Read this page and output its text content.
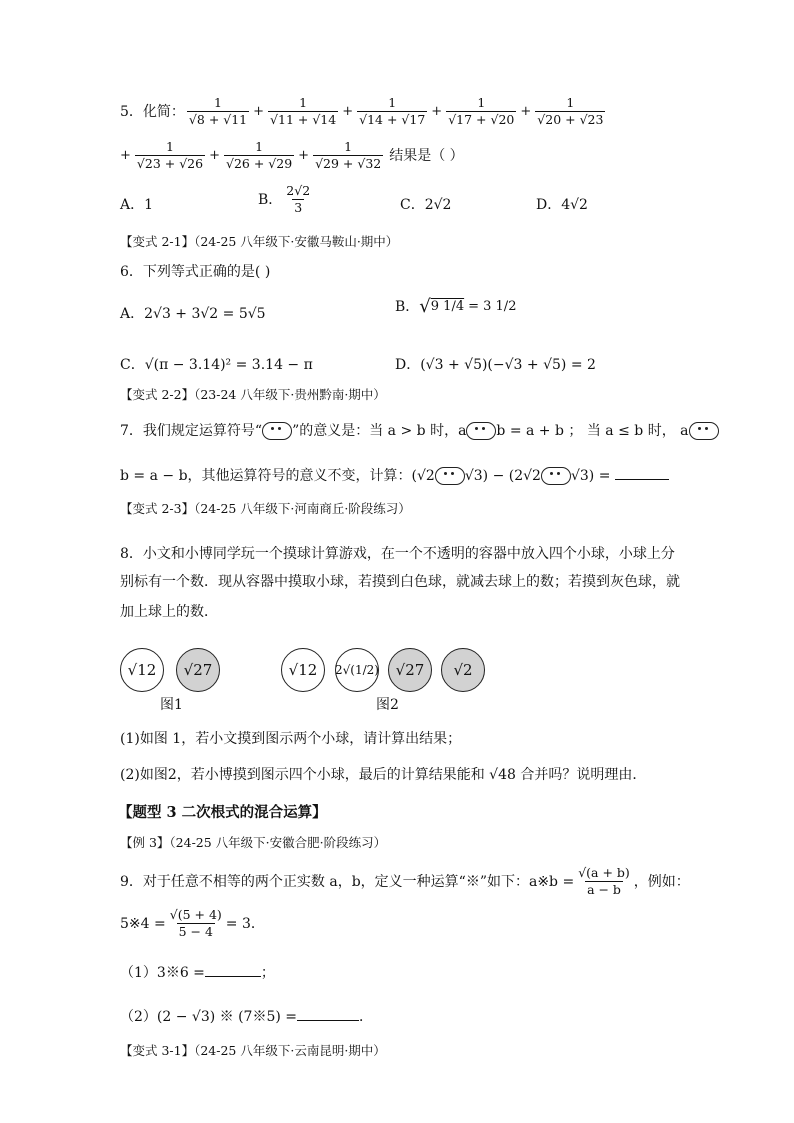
5．化简： $\frac{1}{√8 + √11} + \frac{1}{√11 + √14} + \frac{1}{√14 + √17} + \frac{1}{√17 + √20} + \frac{1}{√20 + √23}$
+ $\frac{1}{√23 + √26} + \frac{1}{√26 + √29} + \frac{1}{√29 + √32}$ 结果是（ ）
A．1	B． $\frac{2√2}{3}$	C．2√2	D．4√2
【变式 2-1】（24-25 八年级下·安徽马鞍山·期中）
6．下列等式正确的是( )
A．2√3 + 3√2 = 5√5	B． √ 9 1/4 = 3 1/2
C．√(π − 3.14)² = 3.14 − π	D．(√3 + √5)(−√3 + √5) = 2
【变式 2-2】（23-24 八年级下·贵州黔南·期中）
7．我们规定运算符号“ ”的意义是：当 a > b 时，a b = a + b ； 当 a ≤ b 时， a
b = a − b，其他运算符号的意义不变，计算：(√2 √3) − (2√2 √3) =
【变式 2-3】（24-25 八年级下·河南商丘·阶段练习）
8．小文和小博同学玩一个摸球计算游戏，在一个不透明的容器中放入四个小球，小球上分
别标有一个数．现从容器中摸取小球，若摸到白色球，就减去球上的数；若摸到灰色球，就
加上球上的数．
√12	√27
图1
√12	2√(1/2)	√27	√2
图2
(1)如图 1，若小文摸到图示两个小球，请计算出结果；
(2)如图2，若小博摸到图示四个小球，最后的计算结果能和 √48 合并吗？说明理由．
【题型 3 二次根式的混合运算】
【例 3】（24-25 八年级下·安徽合肥·阶段练习）
9．对于任意不相等的两个正实数 a，b，定义一种运算“※”如下：a※b = $\frac{√(a + b)}{a - b}$ ，例如：
5※4 = $\frac{√(5 + 4)}{5 - 4} = 3$．
（1）3※6 =	；
（2）(2 − √3) ※ (7※5) =	．
【变式 3-1】（24-25 八年级下·云南昆明·期中）
